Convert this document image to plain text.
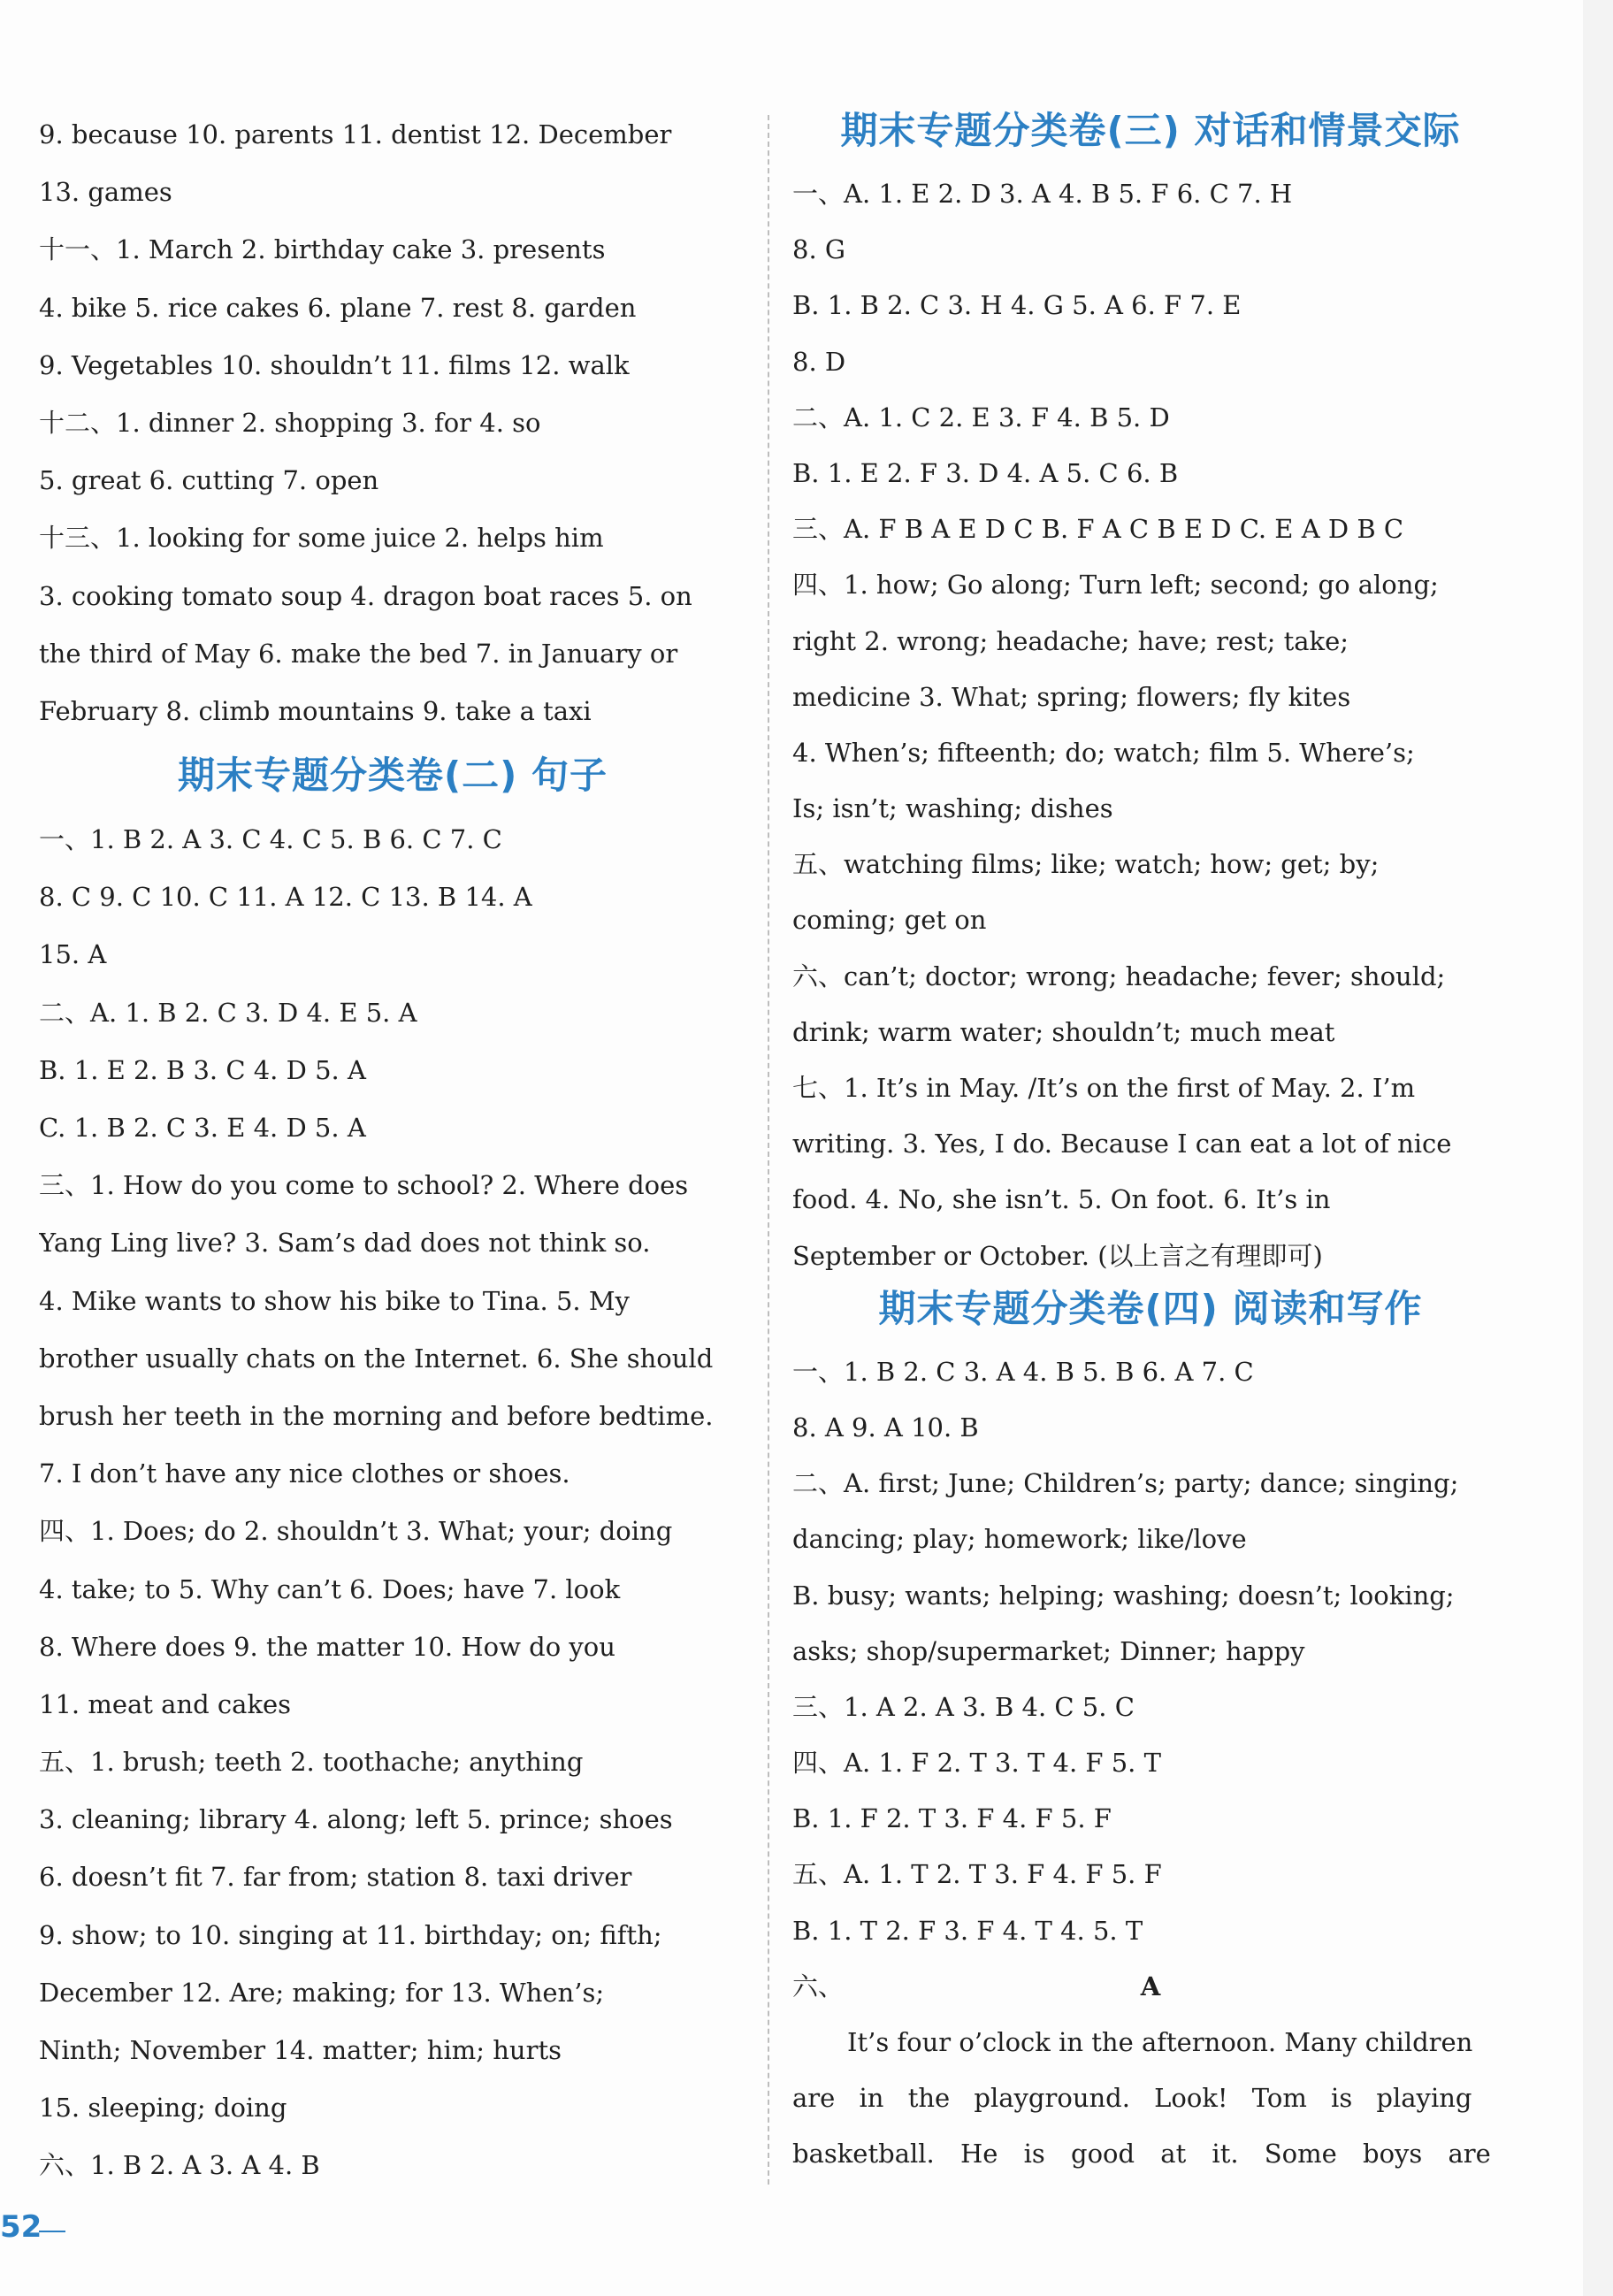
9. because 10. parents 11. dentist 12. December
13. games
十一、1. March 2. birthday cake 3. presents
4. bike 5. rice cakes 6. plane 7. rest 8. garden
9. Vegetables 10. shouldn’t 11. films 12. walk
十二、1. dinner 2. shopping 3. for 4. so
5. great 6. cutting 7. open
十三、1. looking for some juice 2. helps him
3. cooking tomato soup 4. dragon boat races 5. on
the third of May 6. make the bed 7. in January or
February 8. climb mountains 9. take a taxi
期末专题分类卷(二) 句子
一、1. B 2. A 3. C 4. C 5. B 6. C 7. C
8. C 9. C 10. C 11. A 12. C 13. B 14. A
15. A
二、A. 1. B 2. C 3. D 4. E 5. A
B. 1. E 2. B 3. C 4. D 5. A
C. 1. B 2. C 3. E 4. D 5. A
三、1. How do you come to school? 2. Where does
Yang Ling live? 3. Sam’s dad does not think so.
4. Mike wants to show his bike to Tina. 5. My
brother usually chats on the Internet. 6. She should
brush her teeth in the morning and before bedtime.
7. I don’t have any nice clothes or shoes.
四、1. Does; do 2. shouldn’t 3. What; your; doing
4. take; to 5. Why can’t 6. Does; have 7. look
8. Where does 9. the matter 10. How do you
11. meat and cakes
五、1. brush; teeth 2. toothache; anything
3. cleaning; library 4. along; left 5. prince; shoes
6. doesn’t fit 7. far from; station 8. taxi driver
9. show; to 10. singing at 11. birthday; on; fifth;
December 12. Are; making; for 13. When’s;
Ninth; November 14. matter; him; hurts
15. sleeping; doing
六、1. B 2. A 3. A 4. B
期末专题分类卷(三) 对话和情景交际
一、A. 1. E 2. D 3. A 4. B 5. F 6. C 7. H
8. G
B. 1. B 2. C 3. H 4. G 5. A 6. F 7. E
8. D
二、A. 1. C 2. E 3. F 4. B 5. D
B. 1. E 2. F 3. D 4. A 5. C 6. B
三、A. F B A E D C B. F A C B E D C. E A D B C
四、1. how; Go along; Turn left; second; go along;
right 2. wrong; headache; have; rest; take;
medicine 3. What; spring; flowers; fly kites
4. When’s; fifteenth; do; watch; film 5. Where’s;
Is; isn’t; washing; dishes
五、watching films; like; watch; how; get; by;
coming; get on
六、can’t; doctor; wrong; headache; fever; should;
drink; warm water; shouldn’t; much meat
七、1. It’s in May. /It’s on the first of May. 2. I’m
writing. 3. Yes, I do. Because I can eat a lot of nice
food. 4. No, she isn’t. 5. On foot. 6. It’s in
September or October. (以上言之有理即可)
期末专题分类卷(四) 阅读和写作
一、1. B 2. C 3. A 4. B 5. B 6. A 7. C
8. A 9. A 10. B
二、A. first; June; Children’s; party; dance; singing;
dancing; play; homework; like/love
B. busy; wants; helping; washing; doesn’t; looking;
asks; shop/supermarket; Dinner; happy
三、1. A 2. A 3. B 4. C 5. C
四、A. 1. F 2. T 3. T 4. F 5. T
B. 1. F 2. T 3. F 4. F 5. F
五、A. 1. T 2. T 3. F 4. F 5. F
B. 1. T 2. F 3. F 4. T 4. 5. T
六、	A
It’s four o’clock in the afternoon. Many children
are in the playground. Look! Tom is playing
basketball. He is good at it. Some boys are
52
